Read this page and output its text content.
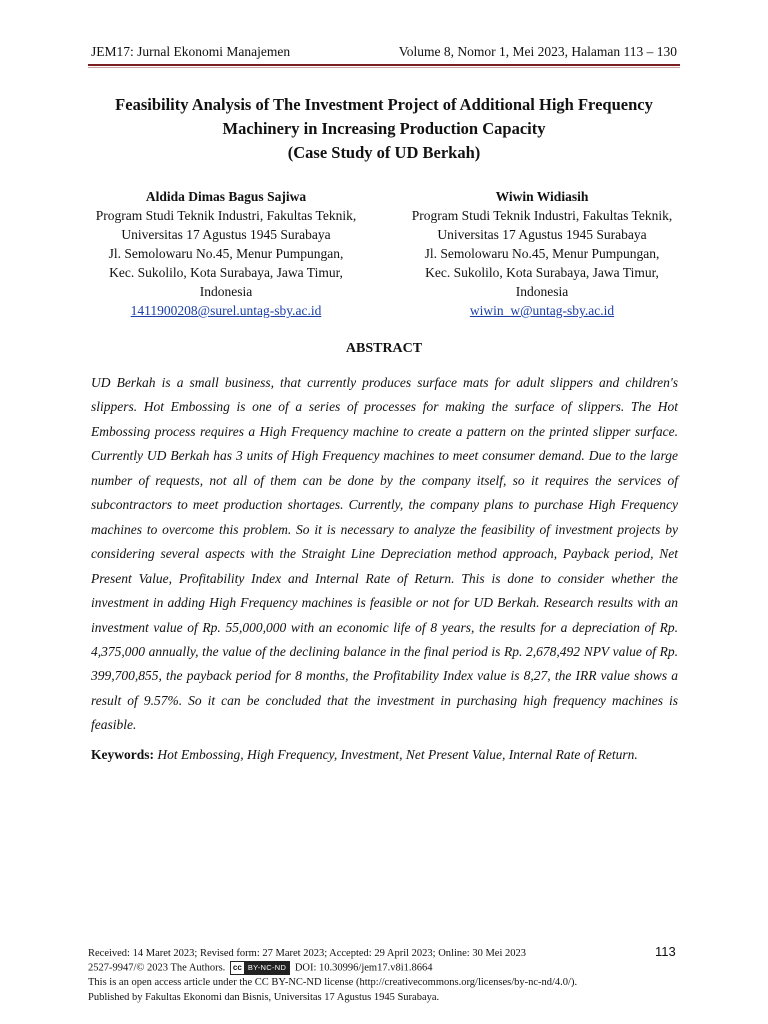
JEM17: Jurnal Ekonomi Manajemen	Volume 8, Nomor 1, Mei 2023, Halaman 113 – 130
Feasibility Analysis of The Investment Project of Additional High Frequency
Machinery in Increasing Production Capacity
(Case Study of UD Berkah)
Aldida Dimas Bagus Sajiwa
Program Studi Teknik Industri, Fakultas Teknik,
Universitas 17 Agustus 1945 Surabaya
Jl. Semolowaru No.45, Menur Pumpungan,
Kec. Sukolilo, Kota Surabaya, Jawa Timur,
Indonesia
1411900208@surel.untag-sby.ac.id
Wiwin Widiasih
Program Studi Teknik Industri, Fakultas Teknik,
Universitas 17 Agustus 1945 Surabaya
Jl. Semolowaru No.45, Menur Pumpungan,
Kec. Sukolilo, Kota Surabaya, Jawa Timur,
Indonesia
wiwin_w@untag-sby.ac.id
ABSTRACT
UD Berkah is a small business, that currently produces surface mats for adult slippers and children's slippers. Hot Embossing is one of a series of processes for making the surface of slippers. The Hot Embossing process requires a High Frequency machine to create a pattern on the printed slipper surface. Currently UD Berkah has 3 units of High Frequency machines to meet consumer demand. Due to the large number of requests, not all of them can be done by the company itself, so it requires the services of subcontractors to meet production shortages. Currently, the company plans to purchase High Frequency machines to overcome this problem. So it is necessary to analyze the feasibility of investment projects by considering several aspects with the Straight Line Depreciation method approach, Payback period, Net Present Value, Profitability Index and Internal Rate of Return. This is done to consider whether the investment in adding High Frequency machines is feasible or not for UD Berkah. Research results with an investment value of Rp. 55,000,000 with an economic life of 8 years, the results for a depreciation of Rp. 4,375,000 annually, the value of the declining balance in the final period is Rp. 2,678,492 NPV value of Rp. 399,700,855, the payback period for 8 months, the Profitability Index value is 8,27, the IRR value shows a result of 9.57%. So it can be concluded that the investment in purchasing high frequency machines is feasible.
Keywords: Hot Embossing, High Frequency, Investment, Net Present Value, Internal Rate of Return.
Received: 14 Maret 2023; Revised form: 27 Maret 2023; Accepted: 29 April 2023; Online: 30 Mei 2023
2527-9947/© 2023 The Authors. cc BY-NC-ND DOI: 10.30996/jem17.v8i1.8664
This is an open access article under the CC BY-NC-ND license (http://creativecommons.org/licenses/by-nc-nd/4.0/).
Published by Fakultas Ekonomi dan Bisnis, Universitas 17 Agustus 1945 Surabaya.
113
